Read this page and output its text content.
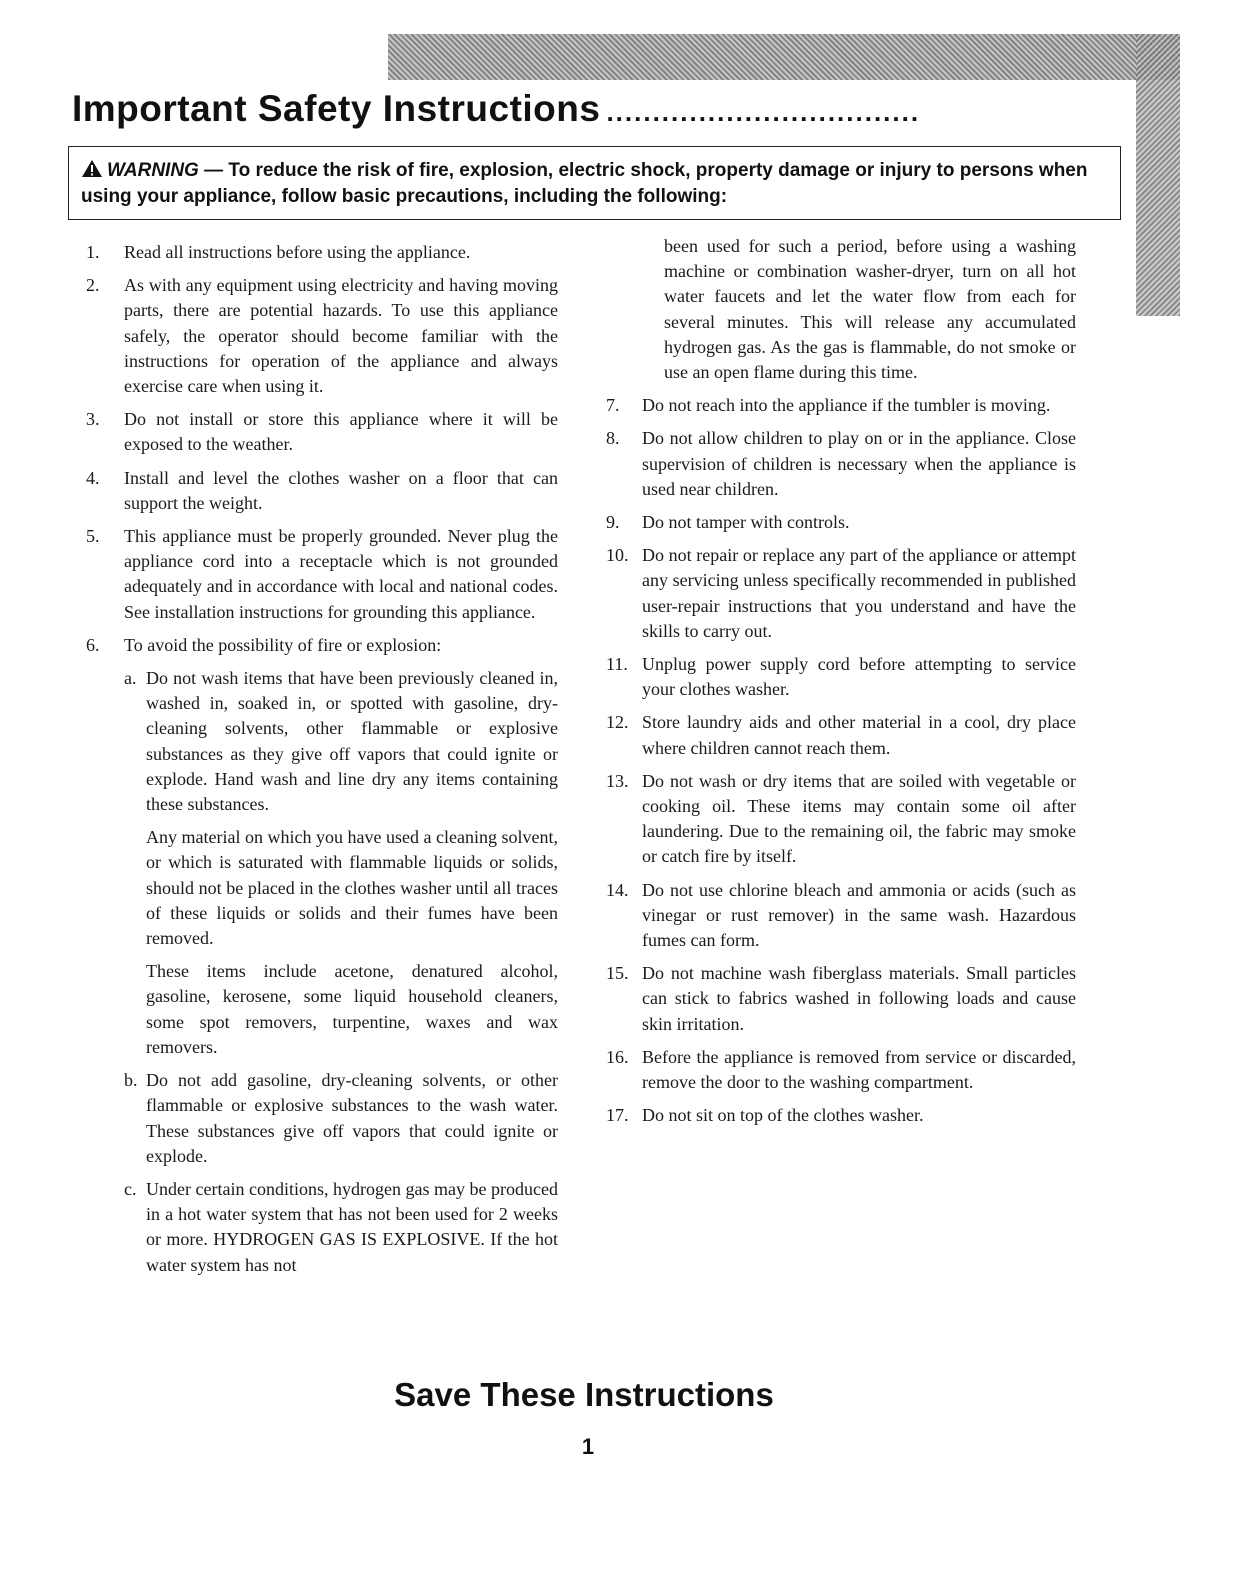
Important Safety Instructions ..................................
WARNING — To reduce the risk of fire, explosion, electric shock, property damage or injury to persons when using your appliance, follow basic precautions, including the following:
1.	Read all instructions before using the appliance.
2.	As with any equipment using electricity and having moving parts, there are potential hazards. To use this appliance safely, the operator should become familiar with the instructions for operation of the appliance and always exercise care when using it.
3.	Do not install or store this appliance where it will be exposed to the weather.
4.	Install and level the clothes washer on a floor that can support the weight.
5.	This appliance must be properly grounded. Never plug the appliance cord into a receptacle which is not grounded adequately and in accordance with local and national codes. See installation instructions for grounding this appliance.
6.	To avoid the possibility of fire or explosion:
a. Do not wash items that have been previously cleaned in, washed in, soaked in, or spotted with gasoline, dry-cleaning solvents, other flammable or explosive substances as they give off vapors that could ignite or explode. Hand wash and line dry any items containing these substances.
Any material on which you have used a cleaning solvent, or which is saturated with flammable liquids or solids, should not be placed in the clothes washer until all traces of these liquids or solids and their fumes have been removed.
These items include acetone, denatured alcohol, gasoline, kerosene, some liquid household cleaners, some spot removers, turpentine, waxes and wax removers.
b. Do not add gasoline, dry-cleaning solvents, or other flammable or explosive substances to the wash water. These substances give off vapors that could ignite or explode.
c. Under certain conditions, hydrogen gas may be produced in a hot water system that has not been used for 2 weeks or more. HYDROGEN GAS IS EXPLOSIVE. If the hot water system has not
been used for such a period, before using a washing machine or combination washer-dryer, turn on all hot water faucets and let the water flow from each for several minutes. This will release any accumulated hydrogen gas. As the gas is flammable, do not smoke or use an open flame during this time.
7.	Do not reach into the appliance if the tumbler is moving.
8.	Do not allow children to play on or in the appliance. Close supervision of children is necessary when the appliance is used near children.
9.	Do not tamper with controls.
10. Do not repair or replace any part of the appliance or attempt any servicing unless specifically recommended in published user-repair instructions that you understand and have the skills to carry out.
11. Unplug power supply cord before attempting to service your clothes washer.
12. Store laundry aids and other material in a cool, dry place where children cannot reach them.
13. Do not wash or dry items that are soiled with vegetable or cooking oil. These items may contain some oil after laundering. Due to the remaining oil, the fabric may smoke or catch fire by itself.
14. Do not use chlorine bleach and ammonia or acids (such as vinegar or rust remover) in the same wash. Hazardous fumes can form.
15. Do not machine wash fiberglass materials. Small particles can stick to fabrics washed in following loads and cause skin irritation.
16. Before the appliance is removed from service or discarded, remove the door to the washing compartment.
17. Do not sit on top of the clothes washer.
Save These Instructions
1
